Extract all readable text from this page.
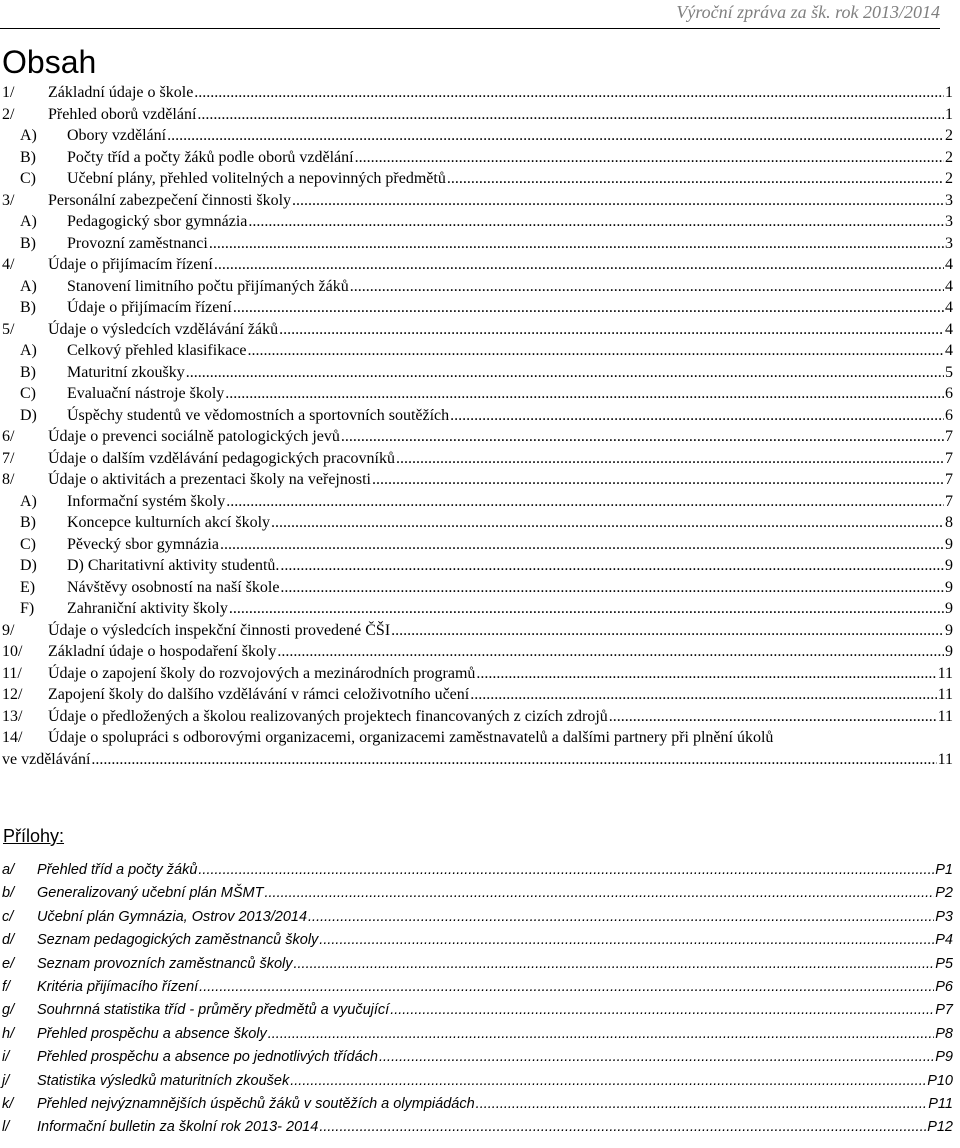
Výroční zpráva za šk. rok 2013/2014
Obsah
1/	Základní údaje o škole .....	1
2/	Přehled oborů vzdělání .....	1
A)	Obory vzdělání .....	2
B)	Počty tříd a počty žáků podle oborů vzdělání .....	2
C)	Učební plány, přehled volitelných a nepovinných předmětů .....	2
3/	Personální zabezpečení činnosti školy .....	3
A)	Pedagogický sbor gymnázia .....	3
B)	Provozní zaměstnanci .....	3
4/	Údaje o přijímacím řízení .....	4
A)	Stanovení limitního počtu přijímaných žáků .....	4
B)	Údaje o přijímacím řízení .....	4
5/	Údaje o výsledcích vzdělávání žáků .....	4
A)	Celkový přehled klasifikace .....	4
B)	Maturitní zkoušky .....	5
C)	Evaluační nástroje školy .....	6
D)	Úspěchy studentů ve vědomostních a sportovních soutěžích .....	6
6/	Údaje o prevenci sociálně patologických jevů .....	7
7/	Údaje o dalším vzdělávání pedagogických pracovníků .....	7
8/	Údaje o aktivitách a prezentaci školy na veřejnosti .....	7
A)	Informační systém školy .....	7
B)	Koncepce kulturních akcí školy .....	8
C)	Pěvecký sbor gymnázia .....	9
D)	D) Charitativní aktivity studentů. .....	9
E)	Návštěvy osobností na naší škole .....	9
F)	Zahraniční aktivity školy .....	9
9/	Údaje o výsledcích inspekční činnosti provedené ČŠI .....	9
10/	Základní údaje o hospodaření školy .....	9
11/	Údaje o zapojení školy do rozvojových a mezinárodních programů .....	11
12/	Zapojení školy do dalšího vzdělávání v rámci celoživotního učení .....	11
13/	Údaje o předložených a školou realizovaných projektech financovaných z cizích zdrojů .....	11
14/	Údaje o spolupráci s odborovými organizacemi, organizacemi zaměstnavatelů a dalšími partnery při plnění úkolů
ve vzdělávání .....	11
Přílohy:
a/	Přehled tříd a počty žáků .....	P1
b/	Generalizovaný učební plán MŠMT .....	P2
c/	Učební plán Gymnázia, Ostrov 2013/2014 .....	P3
d/	Seznam pedagogických zaměstnanců školy .....	P4
e/	Seznam provozních zaměstnanců školy .....	P5
f/	Kritéria přijímacího řízení .....	P6
g/	Souhrnná statistika tříd - průměry předmětů a vyučující .....	P7
h/	Přehled prospěchu a absence školy .....	P8
i/	Přehled prospěchu a absence po jednotlivých třídách .....	P9
j/	Statistika výsledků maturitních zkoušek .....	P10
k/	Přehled nejvýznamnějších úspěchů žáků v soutěžích a olympiádách .....	P11
l/	Informační bulletin za školní rok 2013- 2014 .....	P12
